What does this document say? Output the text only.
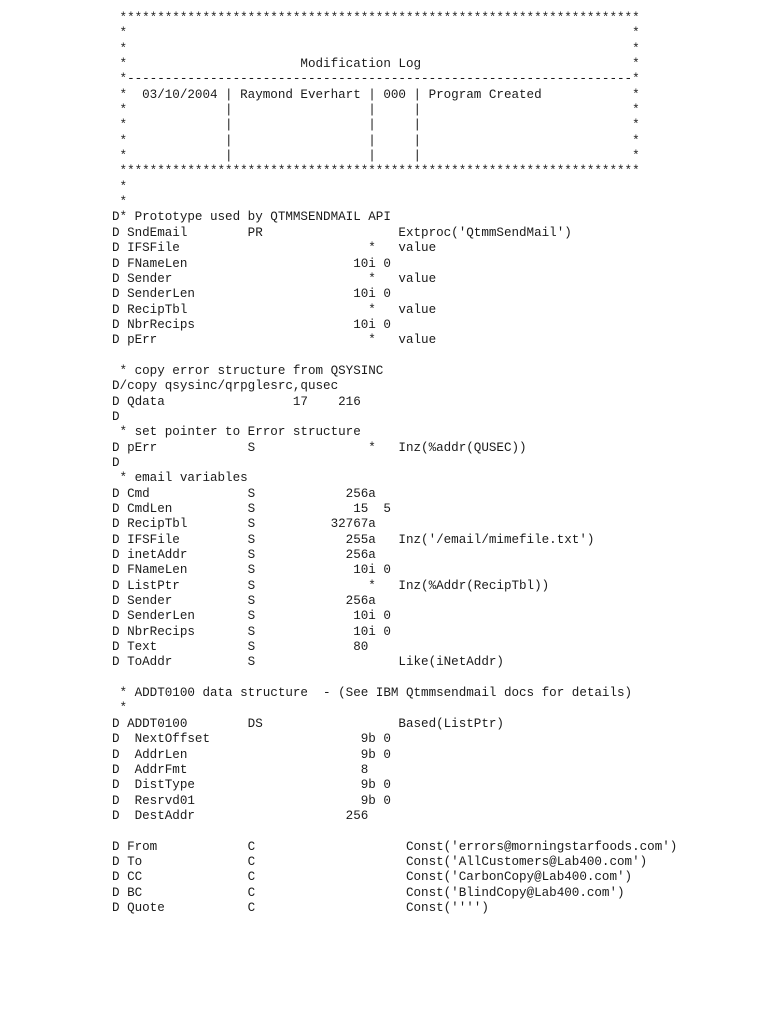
*********************************************************************
*                                                                   *
*                                                                   *
*                       Modification Log                            *
*-------------------------------------------------------------------*
*  03/10/2004 | Raymond Everhart | 000 | Program Created            *
*             |                  |     |                            *
*             |                  |     |                            *
*             |                  |     |                            *
*             |                  |     |                            *
*********************************************************************
*
*
D* Prototype used by QTMMSENDMAIL API
D SndEmail        PR                  Extproc('QtmmSendMail')
D IFSFile                         *   value
D FNameLen                      10i 0
D Sender                          *   value
D SenderLen                     10i 0
D RecipTbl                        *   value
D NbrRecips                     10i 0
D pErr                            *   value
* copy error structure from QSYSINC
D/copy qsysinc/qrpglesrc,qusec
D Qdata                 17    216
D
* set pointer to Error structure
D pErr            S               *   Inz(%addr(QUSEC))
D
* email variables
D Cmd             S            256a
D CmdLen          S             15  5
D RecipTbl        S          32767a
D IFSFile         S            255a   Inz('/email/mimefile.txt')
D inetAddr        S            256a
D FNameLen        S             10i 0
D ListPtr         S               *   Inz(%Addr(RecipTbl))
D Sender          S            256a
D SenderLen       S             10i 0
D NbrRecips       S             10i 0
D Text            S             80
D ToAddr          S                   Like(iNetAddr)
* ADDT0100 data structure  - (See IBM Qtmmsendmail docs for details)
*
D ADDT0100        DS                  Based(ListPtr)
D  NextOffset                    9b 0
D  AddrLen                       9b 0
D  AddrFmt                       8
D  DistType                      9b 0
D  Resrvd01                      9b 0
D  DestAddr                    256
D From            C                    Const('errors@morningstarfoods.com')
D To              C                    Const('AllCustomers@Lab400.com')
D CC              C                    Const('CarbonCopy@Lab400.com')
D BC              C                    Const('BlindCopy@Lab400.com')
D Quote           C                    Const('''')
